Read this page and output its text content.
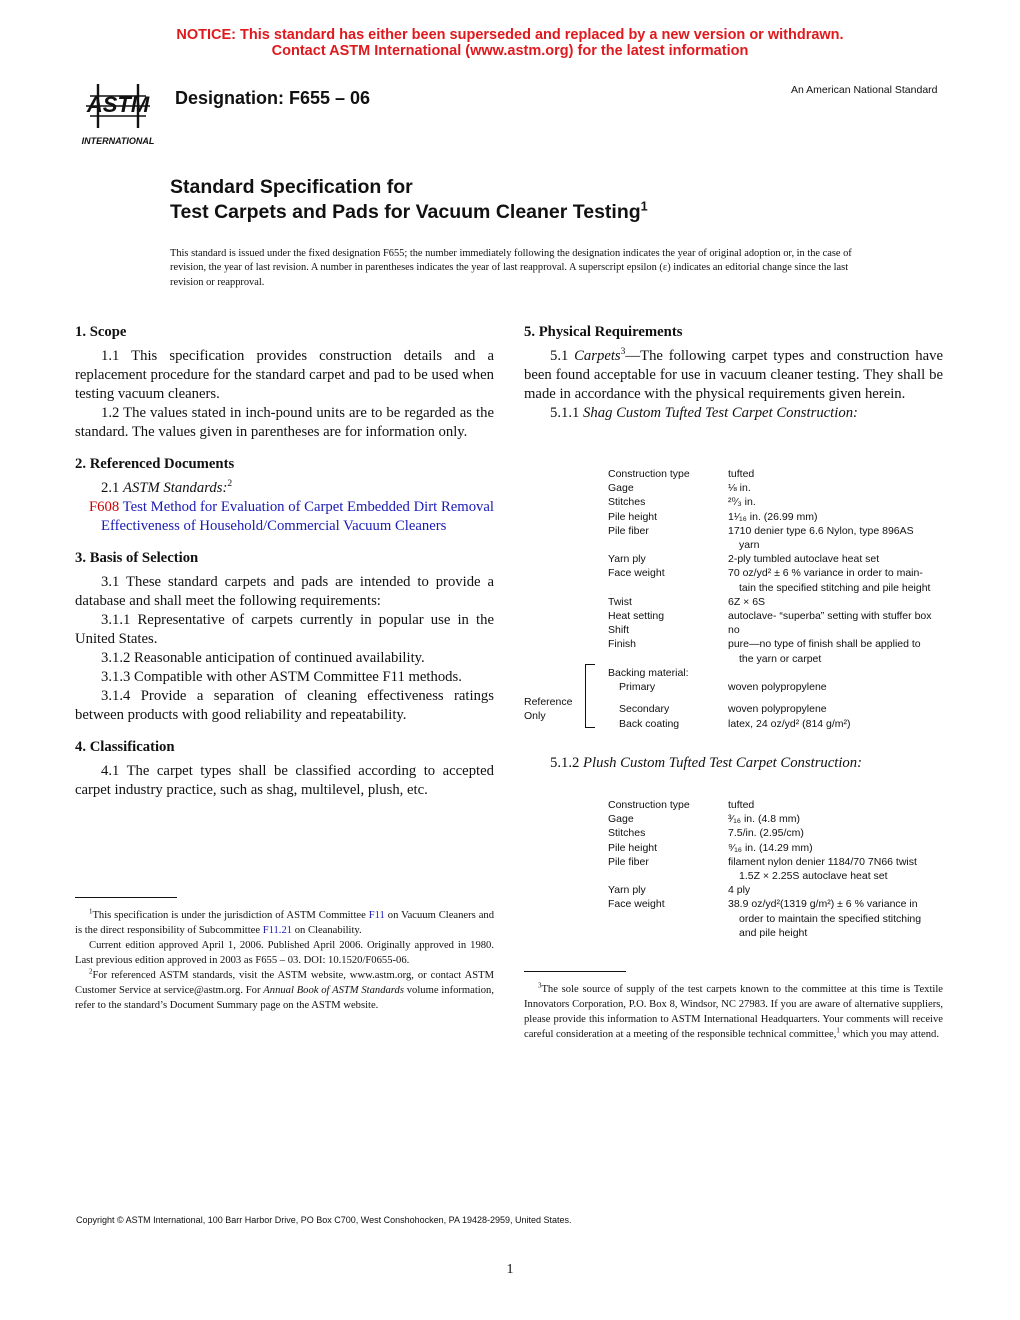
NOTICE: This standard has either been superseded and replaced by a new version or withdrawn.
Contact ASTM International (www.astm.org) for the latest information
ASTM
INTERNATIONAL
Designation: F655 – 06	An American National Standard
Standard Specification for
Test Carpets and Pads for Vacuum Cleaner Testing$^1$
This standard is issued under the fixed designation F655; the number immediately following the designation indicates the year of original adoption or, in the case of revision, the year of last revision. A number in parentheses indicates the year of last reapproval. A superscript epsilon (ε) indicates an editorial change since the last revision or reapproval.
1. Scope

1.1 This specification provides construction details and a replacement procedure for the standard carpet and pad to be used when testing vacuum cleaners.

1.2 The values stated in inch-pound units are to be regarded as the standard. The values given in parentheses are for information only.

2. Referenced Documents

2.1 ASTM Standards:$^2$

F608 Test Method for Evaluation of Carpet Embedded Dirt Removal Effectiveness of Household/Commercial Vacuum Cleaners

3. Basis of Selection

3.1 These standard carpets and pads are intended to provide a database and shall meet the following requirements:

3.1.1 Representative of carpets currently in popular use in the United States.

3.1.2 Reasonable anticipation of continued availability.

3.1.3 Compatible with other ASTM Committee F11 methods.

3.1.4 Provide a separation of cleaning effectiveness ratings between products with good reliability and repeatability.

4. Classification

4.1 The carpet types shall be classified according to accepted carpet industry practice, such as shag, multilevel, plush, etc.

$^1$This specification is under the jurisdiction of ASTM Committee F11 on Vacuum Cleaners and is the direct responsibility of Subcommittee F11.21 on Cleanability.

Current edition approved April 1, 2006. Published April 2006. Originally approved in 1980. Last previous edition approved in 2003 as F655 – 03. DOI: 10.1520/F0655-06.

$^2$For referenced ASTM standards, visit the ASTM website, www.astm.org, or contact ASTM Customer Service at service@astm.org. For Annual Book of ASTM Standards volume information, refer to the standard’s Document Summary page on the ASTM website.

5. Physical Requirements

5.1 Carpets$^3$—The following carpet types and construction have been found acceptable for use in vacuum cleaner testing. They shall be made in accordance with the physical requirements given herein.

5.1.1 Shag Custom Tufted Test Carpet Construction:

Construction type	tufted
Gage	⅛ in.
Stitches	²⁰⁄₃ in.
Pile height	1¹⁄₁₆ in. (26.99 mm)
Pile fiber	1710 denier type 6.6 Nylon, type 896AS
yarn
Yarn ply	2-ply tumbled autoclave heat set
Face weight	70 oz/yd² ± 6 % variance in order to main-
tain the specified stitching and pile height
Twist	6Z × 6S
Heat setting	autoclave- “superba” setting with stuffer box
Shift	no
Finish	pure—no type of finish shall be applied to
the yarn or carpet
Reference
Only
Backing material:
Primary	woven polypropylene
Secondary	woven polypropylene
Back coating	latex, 24 oz/yd² (814 g/m²)

5.1.2 Plush Custom Tufted Test Carpet Construction:

Construction type	tufted
Gage	³⁄₁₆ in. (4.8 mm)
Stitches	7.5/in. (2.95/cm)
Pile height	⁹⁄₁₆ in. (14.29 mm)
Pile fiber	filament nylon denier 1184/70 7N66 twist
1.5Z × 2.25S autoclave heat set
Yarn ply	4 ply
Face weight	38.9 oz/yd²(1319 g/m²) ± 6 % variance in
order to maintain the specified stitching
and pile height

$^3$The sole source of supply of the test carpets known to the committee at this time is Textile Innovators Corporation, P.O. Box 8, Windsor, NC 27983. If you are aware of alternative suppliers, please provide this information to ASTM International Headquarters. Your comments will receive careful consideration at a meeting of the responsible technical committee,$^1$ which you may attend.

Copyright © ASTM International, 100 Barr Harbor Drive, PO Box C700, West Conshohocken, PA 19428-2959, United States.
1
